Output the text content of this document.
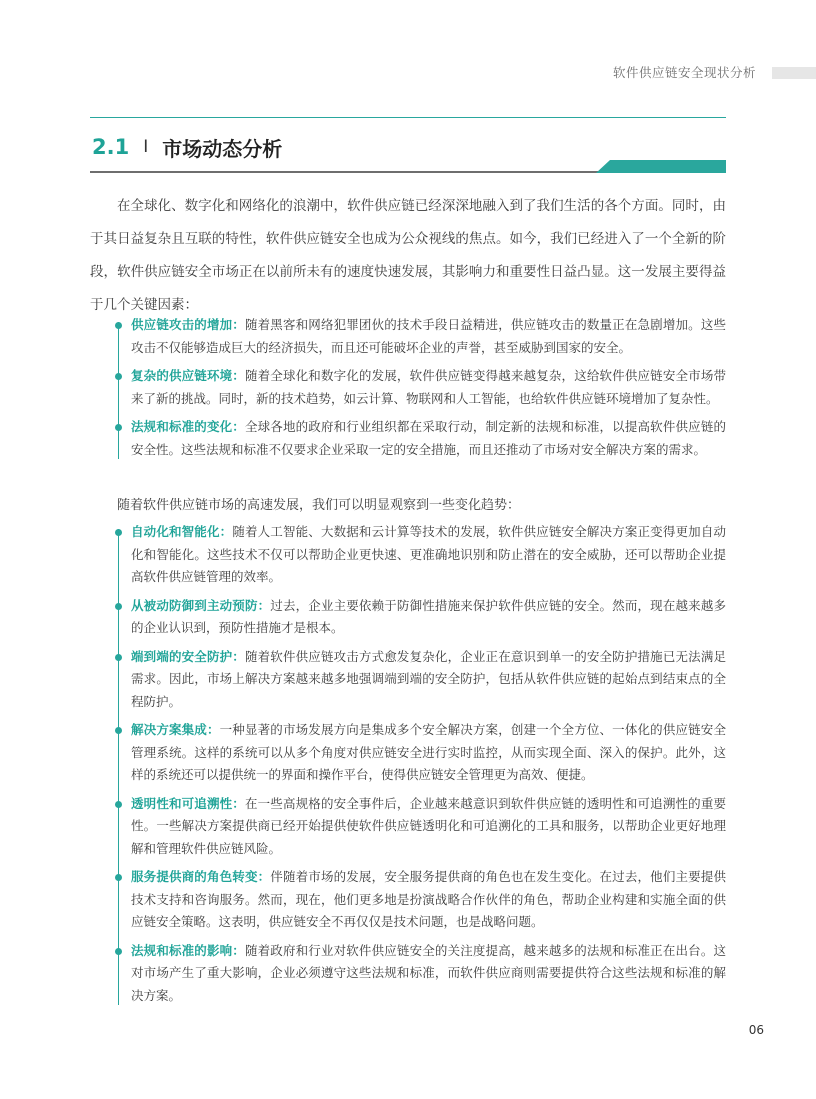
软件供应链安全现状分析
2.1 I 市场动态分析

在全球化、数字化和网络化的浪潮中，软件供应链已经深深地融入到了我们生活的各个方面。同时，由于其日益复杂且互联的特性，软件供应链安全也成为公众视线的焦点。如今，我们已经进入了一个全新的阶段，软件供应链安全市场正在以前所未有的速度快速发展，其影响力和重要性日益凸显。这一发展主要得益于几个关键因素：

供应链攻击的增加：随着黑客和网络犯罪团伙的技术手段日益精进，供应链攻击的数量正在急剧增加。这些攻击不仅能够造成巨大的经济损失，而且还可能破坏企业的声誉，甚至威胁到国家的安全。

复杂的供应链环境：随着全球化和数字化的发展，软件供应链变得越来越复杂，这给软件供应链安全市场带来了新的挑战。同时，新的技术趋势，如云计算、物联网和人工智能，也给软件供应链环境增加了复杂性。

法规和标准的变化：全球各地的政府和行业组织都在采取行动，制定新的法规和标准，以提高软件供应链的安全性。这些法规和标准不仅要求企业采取一定的安全措施，而且还推动了市场对安全解决方案的需求。

随着软件供应链市场的高速发展，我们可以明显观察到一些变化趋势：

自动化和智能化：随着人工智能、大数据和云计算等技术的发展，软件供应链安全解决方案正变得更加自动化和智能化。这些技术不仅可以帮助企业更快速、更准确地识别和防止潜在的安全威胁，还可以帮助企业提高软件供应链管理的效率。

从被动防御到主动预防：过去，企业主要依赖于防御性措施来保护软件供应链的安全。然而，现在越来越多的企业认识到，预防性措施才是根本。

端到端的安全防护：随着软件供应链攻击方式愈发复杂化，企业正在意识到单一的安全防护措施已无法满足需求。因此，市场上解决方案越来越多地强调端到端的安全防护，包括从软件供应链的起始点到结束点的全程防护。

解决方案集成：一种显著的市场发展方向是集成多个安全解决方案，创建一个全方位、一体化的供应链安全管理系统。这样的系统可以从多个角度对供应链安全进行实时监控，从而实现全面、深入的保护。此外，这样的系统还可以提供统一的界面和操作平台，使得供应链安全管理更为高效、便捷。

透明性和可追溯性：在一些高规格的安全事件后，企业越来越意识到软件供应链的透明性和可追溯性的重要性。一些解决方案提供商已经开始提供使软件供应链透明化和可追溯化的工具和服务，以帮助企业更好地理解和管理软件供应链风险。

服务提供商的角色转变：伴随着市场的发展，安全服务提供商的角色也在发生变化。在过去，他们主要提供技术支持和咨询服务。然而，现在，他们更多地是扮演战略合作伙伴的角色，帮助企业构建和实施全面的供应链安全策略。这表明，供应链安全不再仅仅是技术问题，也是战略问题。

法规和标准的影响：随着政府和行业对软件供应链安全的关注度提高，越来越多的法规和标准正在出台。这对市场产生了重大影响，企业必须遵守这些法规和标准，而软件供应商则需要提供符合这些法规和标准的解决方案。

06
